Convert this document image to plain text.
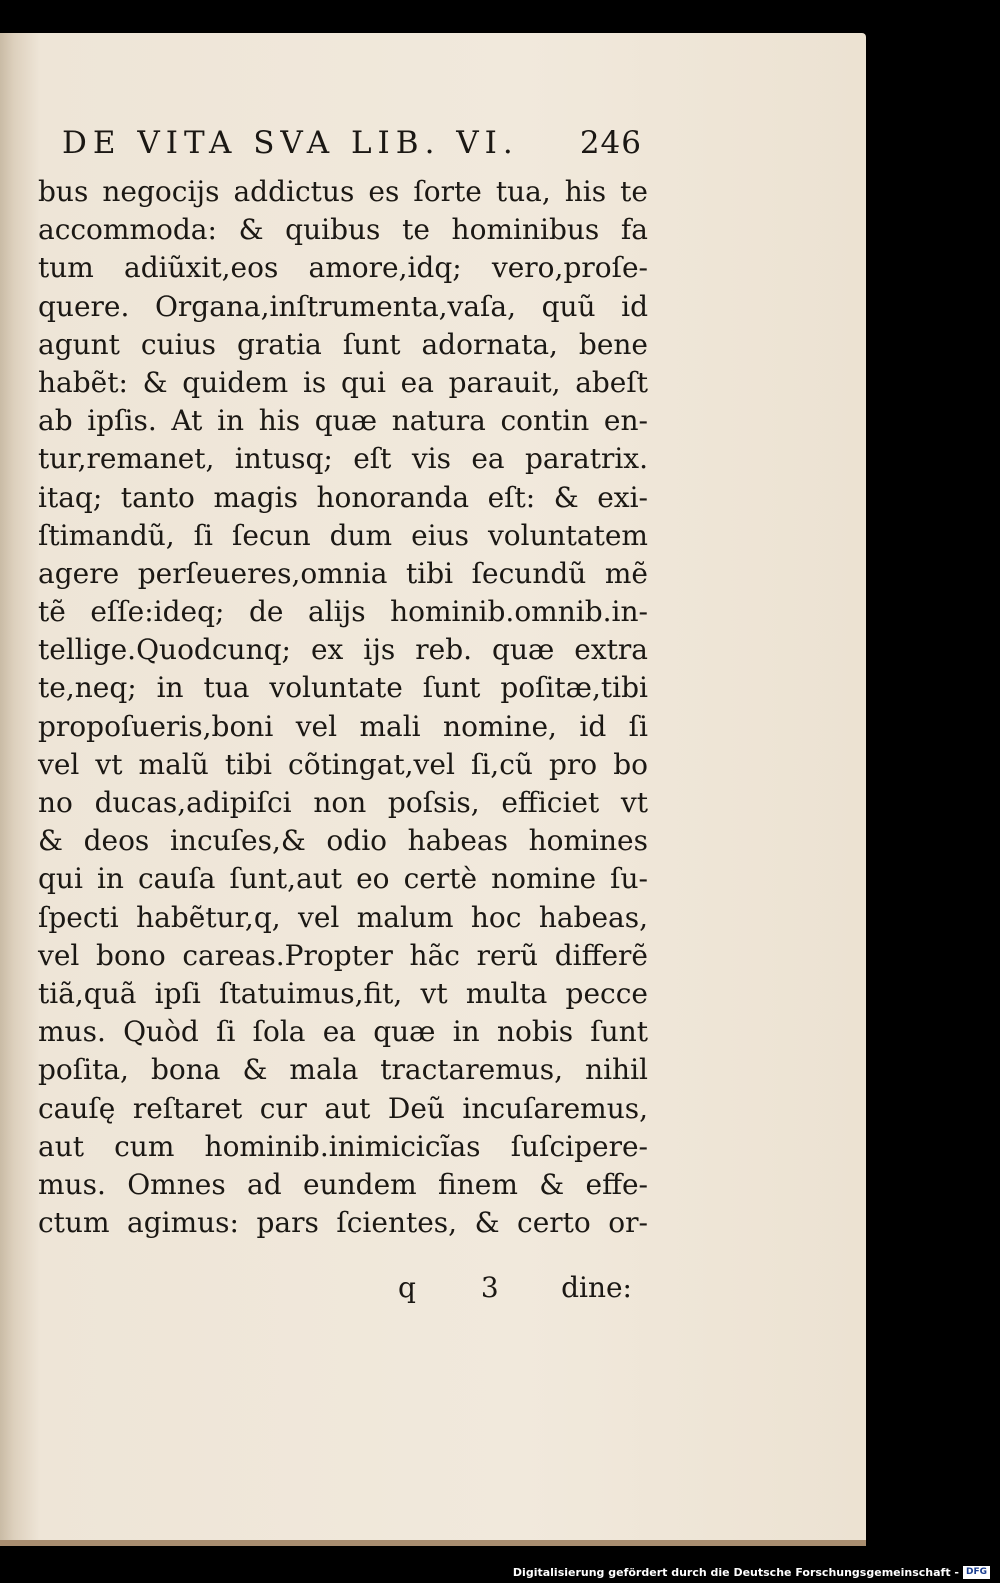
DE VITA SVA LIB. VI. 246
bus negocijs addictus es ſorte tua, his te
accommoda: & quibus te hominibus fa
tum adiũxit,eos amore,idq; vero,proſe-
quere. Organa,inſtrumenta,vaſa, quũ id
agunt cuius gratia ſunt adornata, bene
habẽt: & quidem is qui ea parauit, abeſt
ab ipſis. At in his quæ natura contin en-
tur,remanet, intusq; eſt vis ea paratrix.
itaq; tanto magis honoranda eſt: & exi-
ſtimandũ, ſi ſecun dum eius voluntatem
agere perſeueres,omnia tibi ſecundũ mẽ
tẽ eſſe:ideq; de alijs hominib.omnib.in-
tellige.Quodcunq; ex ijs reb. quæ extra
te,neq; in tua voluntate ſunt poſitæ,tibi
propoſueris,boni vel mali nomine, id ſi
vel vt malũ tibi cõtingat,vel ſi,cũ pro bo
no ducas,adipiſci non poſsis, efficiet vt
& deos incuſes,& odio habeas homines
qui in cauſa ſunt,aut eo certè nomine ſu-
ſpecti habẽtur,q, vel malum hoc habeas,
vel bono careas.Propter hãc rerũ differẽ
tiã,quã ipſi ſtatuimus,fit, vt multa pecce
mus. Quòd ſi ſola ea quæ in nobis ſunt
poſita, bona & mala tractaremus, nihil
cauſę reſtaret cur aut Deũ incuſaremus,
aut cum hominib.inimicicĩas ſuſcipere-
mus. Omnes ad eundem finem & effe-
ctum agimus: pars ſcientes, & certo or-
q 3 dine:
Digitalisierung gefördert durch die Deutsche Forschungsgemeinschaft - DFG
